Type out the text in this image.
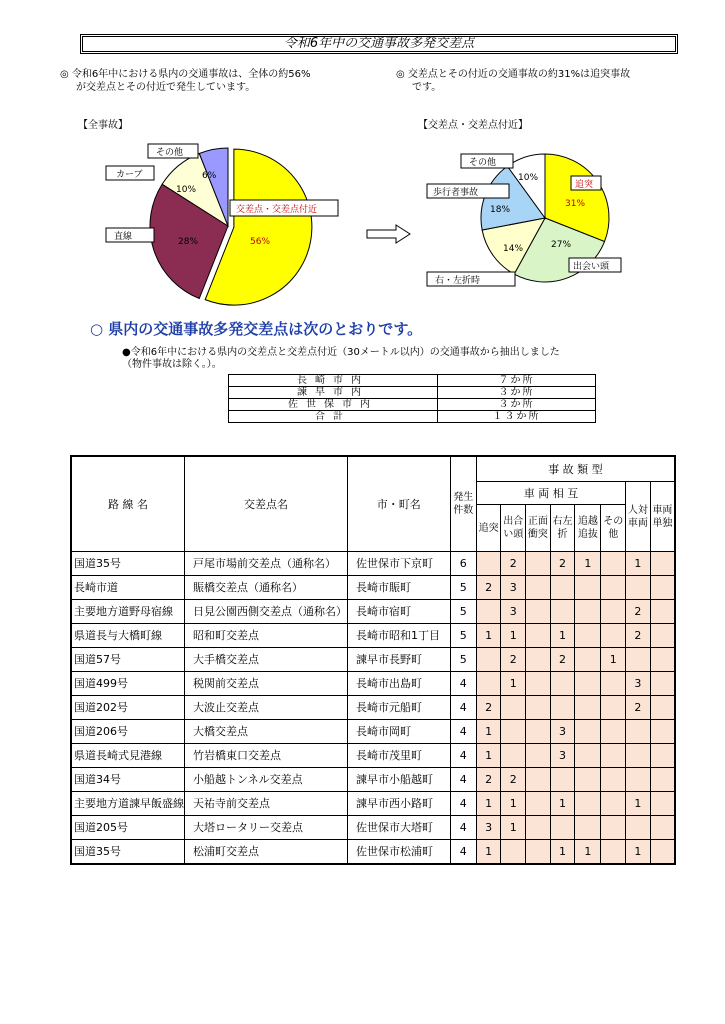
令和6年中の交通事故多発交差点
◎ 令和6年中における県内の交通事故は、全体の約56%
が交差点とその付近で発生しています。
◎ 交差点とその付近の交通事故の約31%は追突事故
です。
【全事故】	【交差点・交差点付近】
交差点・交差点付近
56%
直線	28%
カーブ
10%
その他
6%
その他
10%
追突
31%
歩行者事故
18%
14%	27%
出会い頭
右・左折時
○ 県内の交通事故多発交差点は次のとおりです。
●令和6年中における県内の交差点と交差点付近（30メートル以内）の交通事故から抽出しました
（物件事故は除く。）。
長崎市内	７か所
諫早市内	３か所
佐世保市内	３か所
合計	１３か所
路 線 名	交差点名	市・町名	発生件数	事 故 類 型							
				車 両 相 互						人対車両	車両単独
				追突	出合い頭	正面衝突	右左折	追越追抜	その他		
国道35号	戸尾市場前交差点（通称名）	佐世保市下京町	6		2		2	1		1	
長崎市道	賑橋交差点（通称名）	長崎市賑町	5	2	3						
主要地方道野母宿線	日見公園西側交差点（通称名）	長崎市宿町	5		3					2	
県道長与大橋町線	昭和町交差点	長崎市昭和1丁目	5	1	1		1			2	
国道57号	大手橋交差点	諫早市長野町	5		2		2		1		
国道499号	税関前交差点	長崎市出島町	4		1					3	
国道202号	大波止交差点	長崎市元船町	4	2						2	
国道206号	大橋交差点	長崎市岡町	4	1			3				
県道長崎式見港線	竹岩橋東口交差点	長崎市茂里町	4	1			3				
国道34号	小船越トンネル交差点	諫早市小船越町	4	2	2						
主要地方道諫早飯盛線	天祐寺前交差点	諫早市西小路町	4	1	1		1			1	
国道205号	大塔ロータリー交差点	佐世保市大塔町	4	3	1						
国道35号	松浦町交差点	佐世保市松浦町	4	1			1	1		1	
